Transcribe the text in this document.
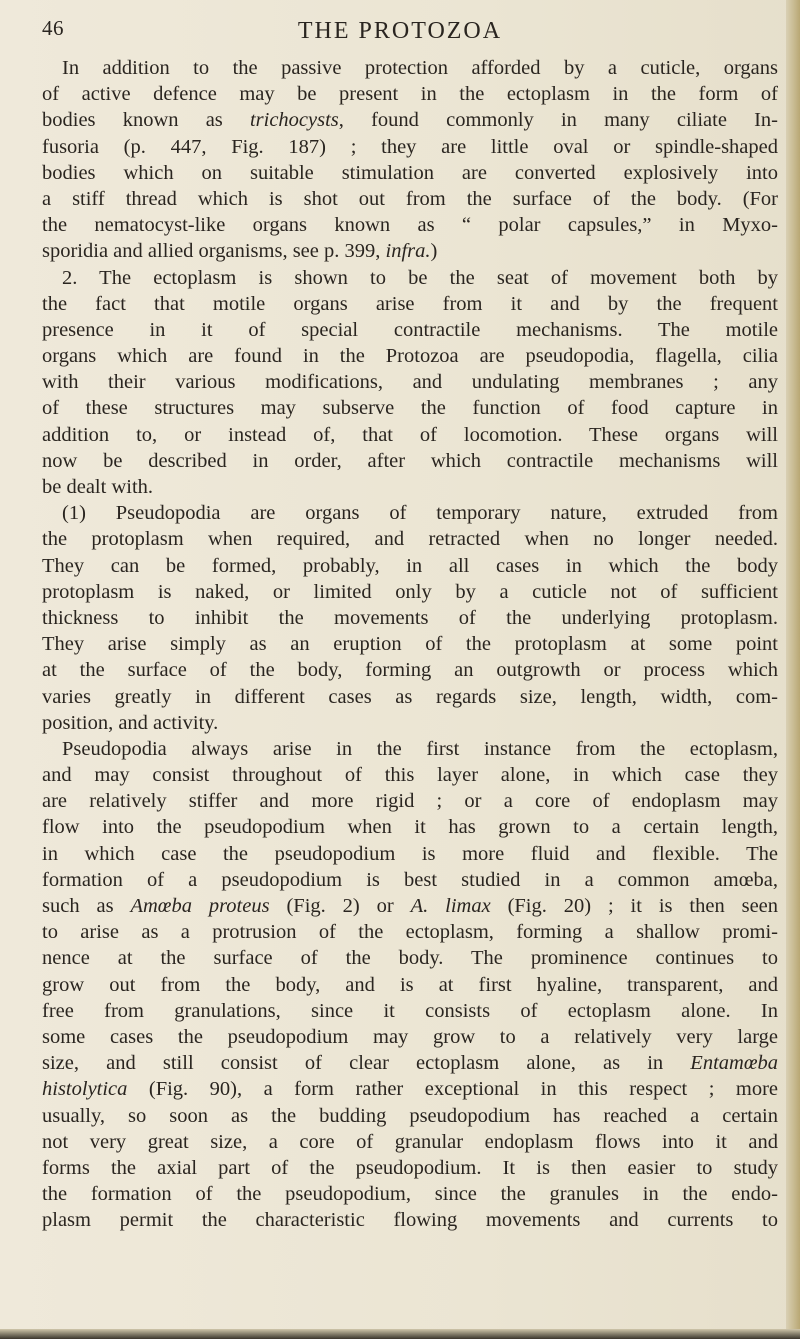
46	THE PROTOZOA
In addition to the passive protection afforded by a cuticle, organs
of active defence may be present in the ectoplasm in the form of
bodies known as trichocysts, found commonly in many ciliate In-
fusoria (p. 447, Fig. 187) ; they are little oval or spindle-shaped
bodies which on suitable stimulation are converted explosively into
a stiff thread which is shot out from the surface of the body. (For
the nematocyst-like organs known as “ polar capsules,” in Myxo-
sporidia and allied organisms, see p. 399, infra.)
2. The ectoplasm is shown to be the seat of movement both by
the fact that motile organs arise from it and by the frequent
presence in it of special contractile mechanisms. The motile
organs which are found in the Protozoa are pseudopodia, flagella, cilia
with their various modifications, and undulating membranes ; any
of these structures may subserve the function of food capture in
addition to, or instead of, that of locomotion. These organs will
now be described in order, after which contractile mechanisms will
be dealt with.
(1) Pseudopodia are organs of temporary nature, extruded from
the protoplasm when required, and retracted when no longer needed.
They can be formed, probably, in all cases in which the body
protoplasm is naked, or limited only by a cuticle not of sufficient
thickness to inhibit the movements of the underlying protoplasm.
They arise simply as an eruption of the protoplasm at some point
at the surface of the body, forming an outgrowth or process which
varies greatly in different cases as regards size, length, width, com-
position, and activity.
Pseudopodia always arise in the first instance from the ectoplasm,
and may consist throughout of this layer alone, in which case they
are relatively stiffer and more rigid ; or a core of endoplasm may
flow into the pseudopodium when it has grown to a certain length,
in which case the pseudopodium is more fluid and flexible. The
formation of a pseudopodium is best studied in a common amœba,
such as Amœba proteus (Fig. 2) or A. limax (Fig. 20) ; it is then seen
to arise as a protrusion of the ectoplasm, forming a shallow promi-
nence at the surface of the body. The prominence continues to
grow out from the body, and is at first hyaline, transparent, and
free from granulations, since it consists of ectoplasm alone. In
some cases the pseudopodium may grow to a relatively very large
size, and still consist of clear ectoplasm alone, as in Entamœba
histolytica (Fig. 90), a form rather exceptional in this respect ; more
usually, so soon as the budding pseudopodium has reached a certain
not very great size, a core of granular endoplasm flows into it and
forms the axial part of the pseudopodium. It is then easier to study
the formation of the pseudopodium, since the granules in the endo-
plasm permit the characteristic flowing movements and currents to
